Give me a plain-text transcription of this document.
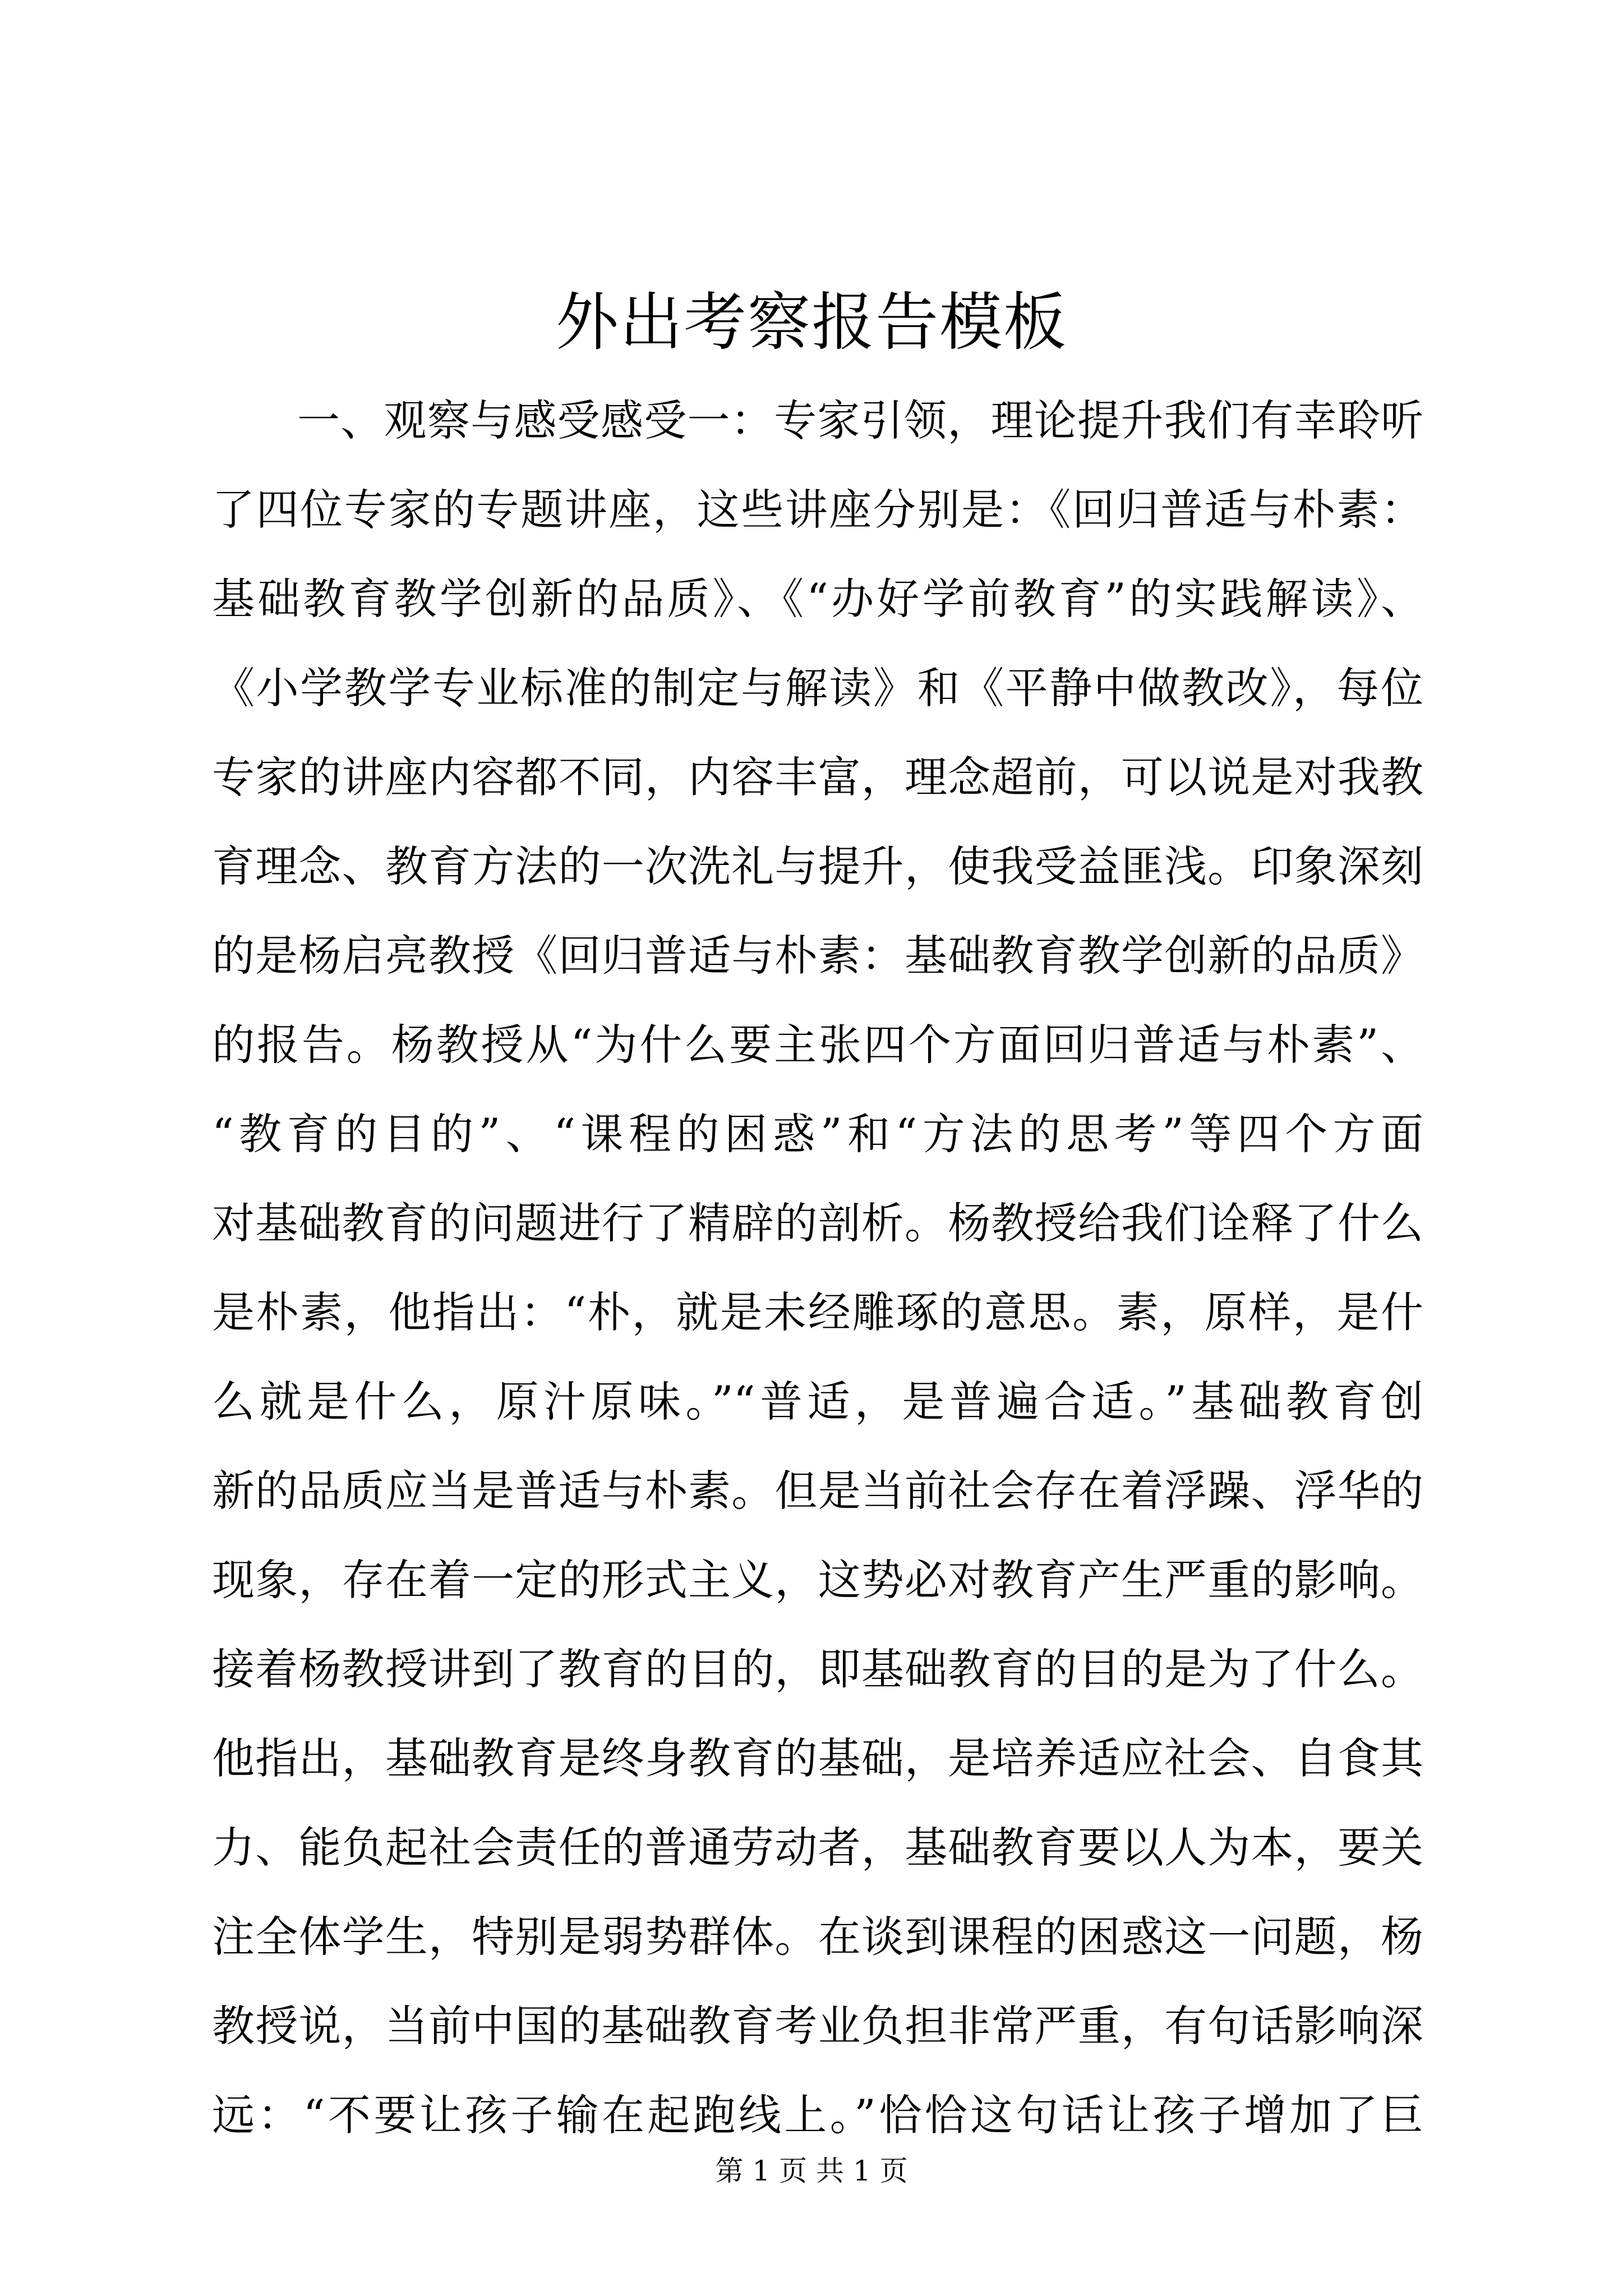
外出考察报告模板
一、观察与感受感受一：专家引领，理论提升我们有幸聆听
了四位专家的专题讲座，这些讲座分别是：《回归普适与朴素：
基础教育教学创新的品质》、《“办好学前教育”的实践解读》、
《小学教学专业标准的制定与解读》和《平静中做教改》，每位
专家的讲座内容都不同，内容丰富，理念超前，可以说是对我教
育理念、教育方法的一次洗礼与提升，使我受益匪浅。印象深刻
的是杨启亮教授《回归普适与朴素：基础教育教学创新的品质》
的报告。杨教授从“为什么要主张四个方面回归普适与朴素”、
“教育的目的”、“课程的困惑”和“方法的思考”等四个方面
对基础教育的问题进行了精辟的剖析。杨教授给我们诠释了什么
是朴素，他指出：“朴，就是未经雕琢的意思。素，原样，是什
么就是什么，原汁原味。”“普适，是普遍合适。”基础教育创
新的品质应当是普适与朴素。但是当前社会存在着浮躁、浮华的
现象，存在着一定的形式主义，这势必对教育产生严重的影响。
接着杨教授讲到了教育的目的，即基础教育的目的是为了什么。
他指出，基础教育是终身教育的基础，是培养适应社会、自食其
力、能负起社会责任的普通劳动者，基础教育要以人为本，要关
注全体学生，特别是弱势群体。在谈到课程的困惑这一问题，杨
教授说，当前中国的基础教育考业负担非常严重，有句话影响深
远：“不要让孩子输在起跑线上。”恰恰这句话让孩子增加了巨
第 1 页 共 1 页
